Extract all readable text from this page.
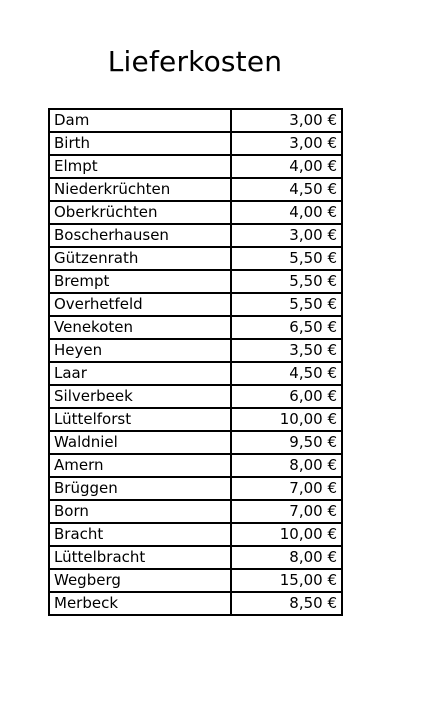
Lieferkosten
Dam	3,00 €
Birth	3,00 €
Elmpt	4,00 €
Niederkrüchten	4,50 €
Oberkrüchten	4,00 €
Boscherhausen	3,00 €
Gützenrath	5,50 €
Brempt	5,50 €
Overhetfeld	5,50 €
Venekoten	6,50 €
Heyen	3,50 €
Laar	4,50 €
Silverbeek	6,00 €
Lüttelforst	10,00 €
Waldniel	9,50 €
Amern	8,00 €
Brüggen	7,00 €
Born	7,00 €
Bracht	10,00 €
Lüttelbracht	8,00 €
Wegberg	15,00 €
Merbeck	8,50 €
